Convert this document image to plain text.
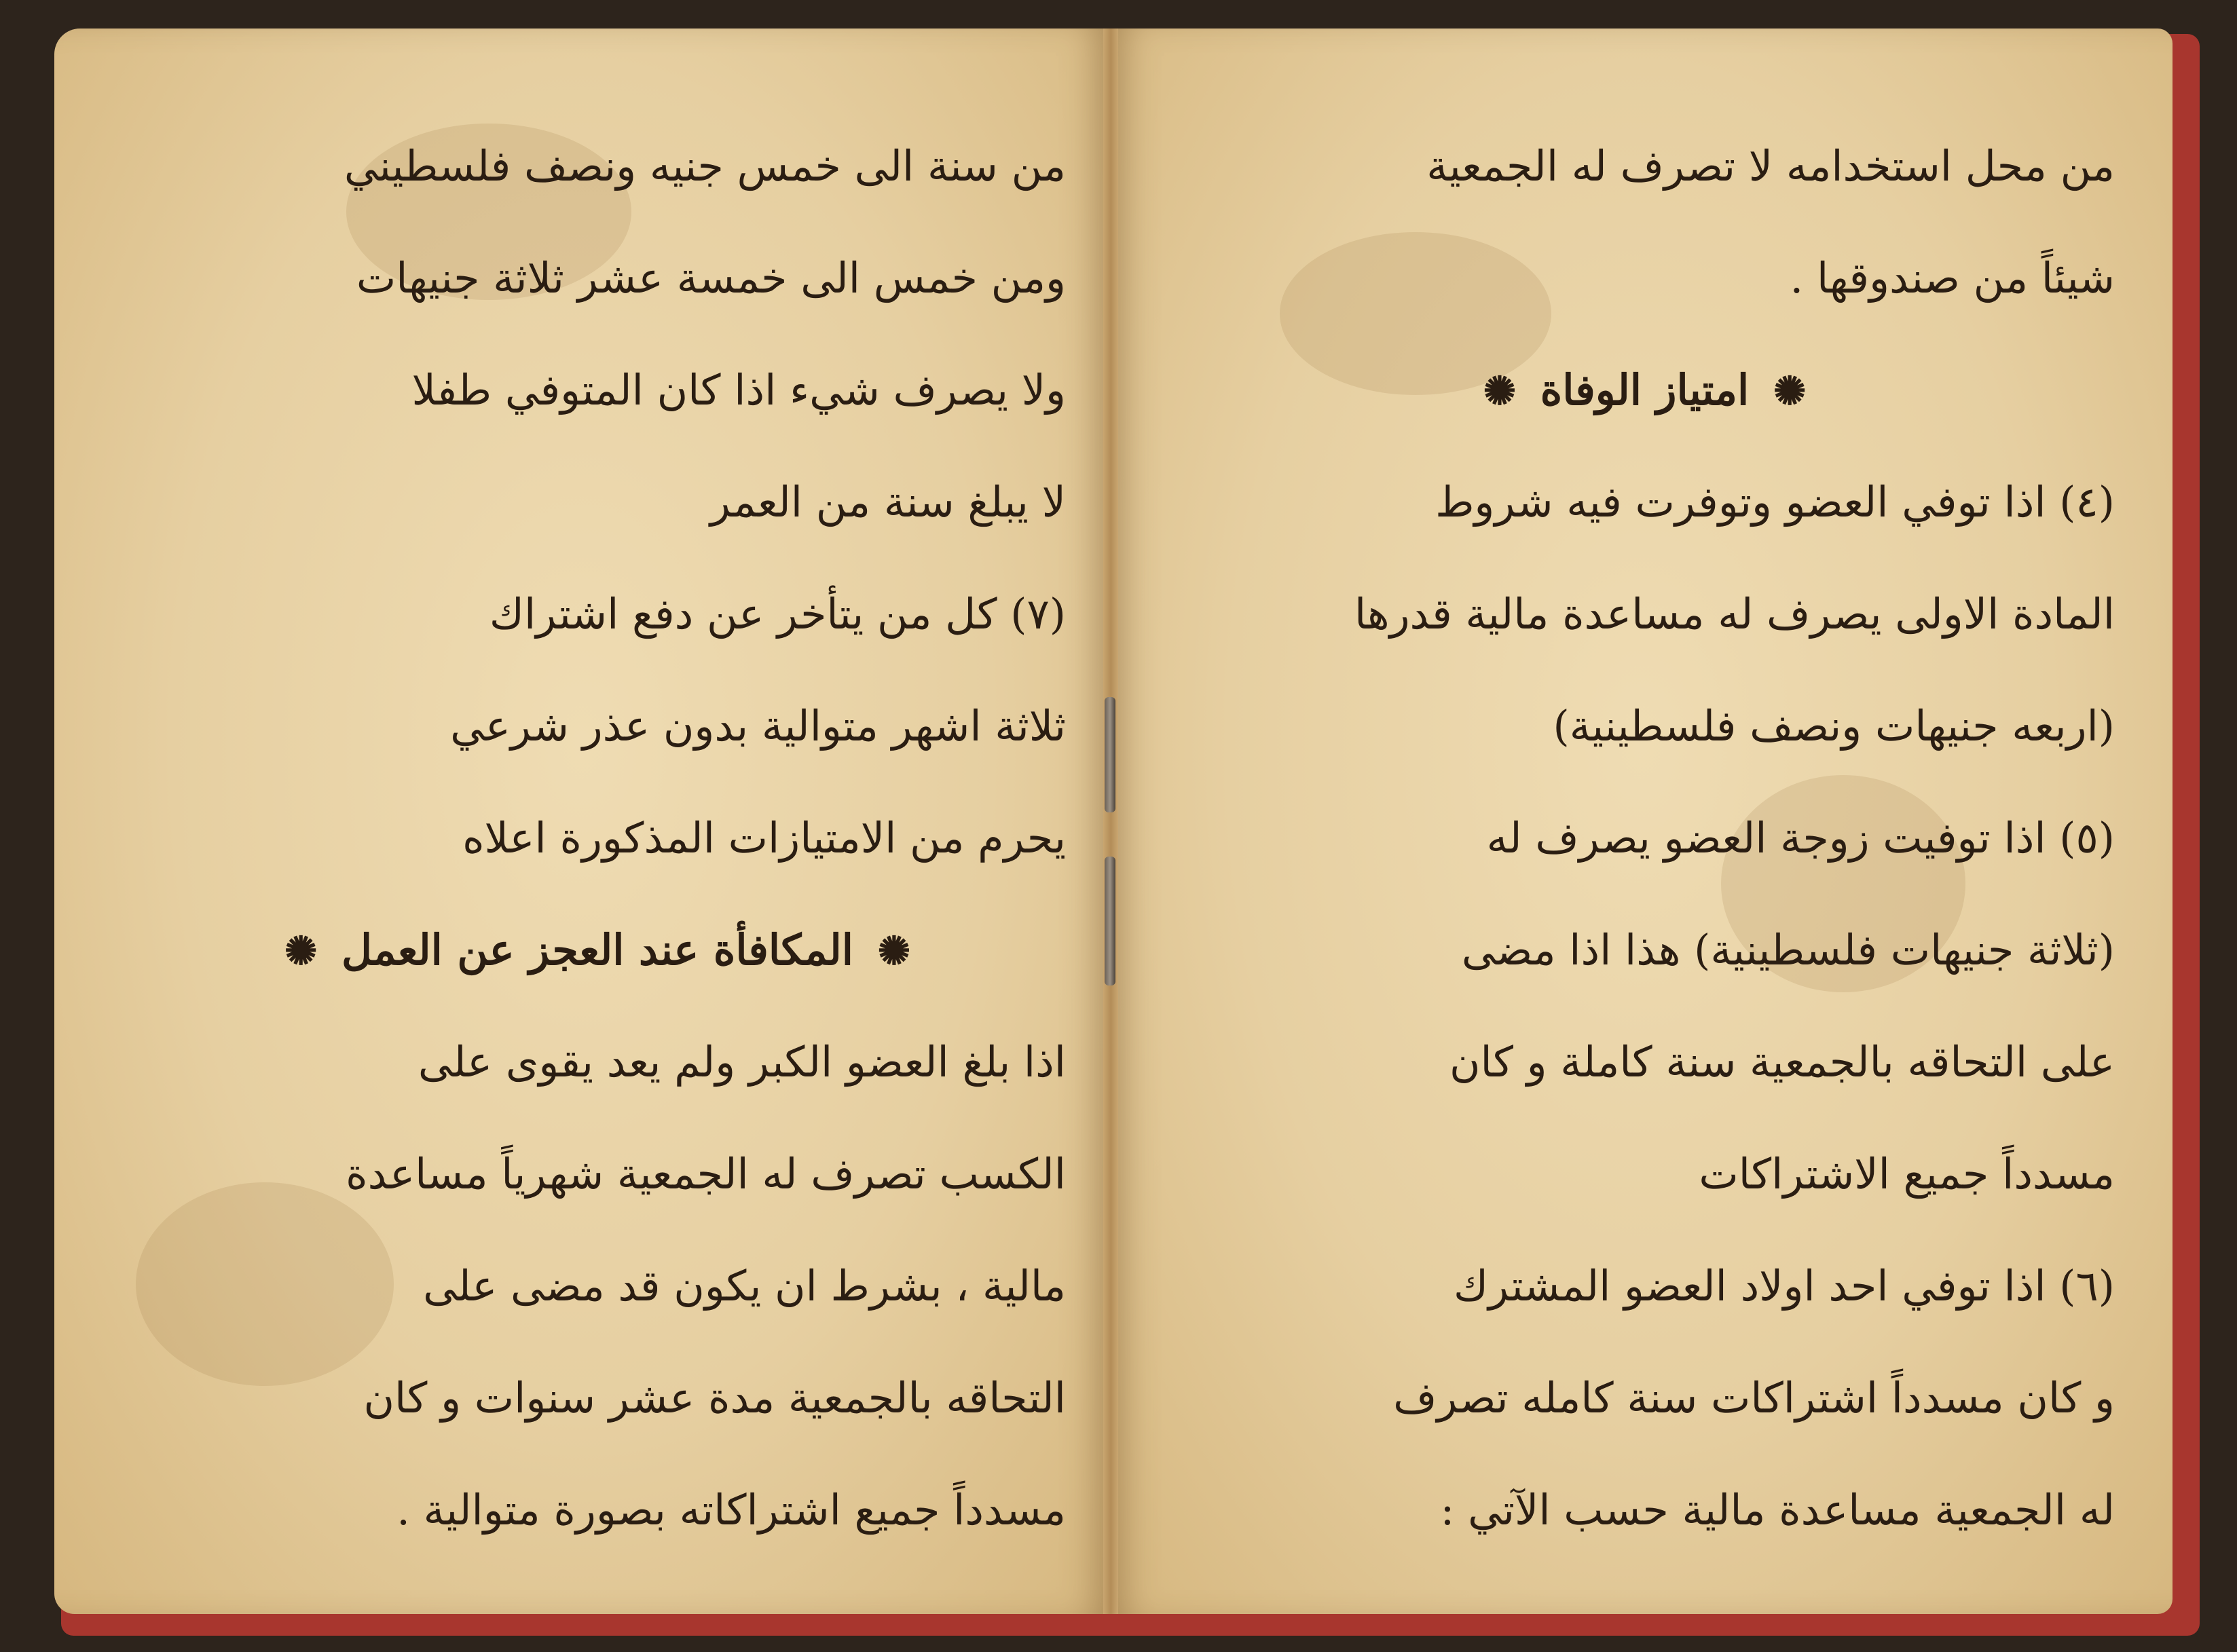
من سنة الى خمس جنيه ونصف فلسطيني
ومن خمس الى خمسة عشر ثلاثة جنيهات
ولا يصرف شيء اذا كان المتوفي طفلا
لا يبلغ سنة من العمر
(٧) كل من يتأخر عن دفع اشتراك
ثلاثة اشهر متوالية بدون عذر شرعي
يحرم من الامتيازات المذكورة اعلاه
✺ المكافأة عند العجز عن العمل ✺
اذا بلغ العضو الكبر ولم يعد يقوى على
الكسب تصرف له الجمعية شهرياً مساعدة
مالية ، بشرط ان يكون قد مضى على
التحاقه بالجمعية مدة عشر سنوات و كان
مسدداً جميع اشتراكاته بصورة متوالية .
من محل استخدامه لا تصرف له الجمعية
شيئاً من صندوقها .
✺ امتياز الوفاة ✺
(٤) اذا توفي العضو وتوفرت فيه شروط
المادة الاولى يصرف له مساعدة مالية قدرها
(اربعه جنيهات ونصف فلسطينية)
(٥) اذا توفيت زوجة العضو يصرف له
(ثلاثة جنيهات فلسطينية) هذا اذا مضى
على التحاقه بالجمعية سنة كاملة و كان
مسدداً جميع الاشتراكات
(٦) اذا توفي احد اولاد العضو المشترك
و كان مسدداً اشتراكات سنة كامله تصرف
له الجمعية مساعدة مالية حسب الآتي :
